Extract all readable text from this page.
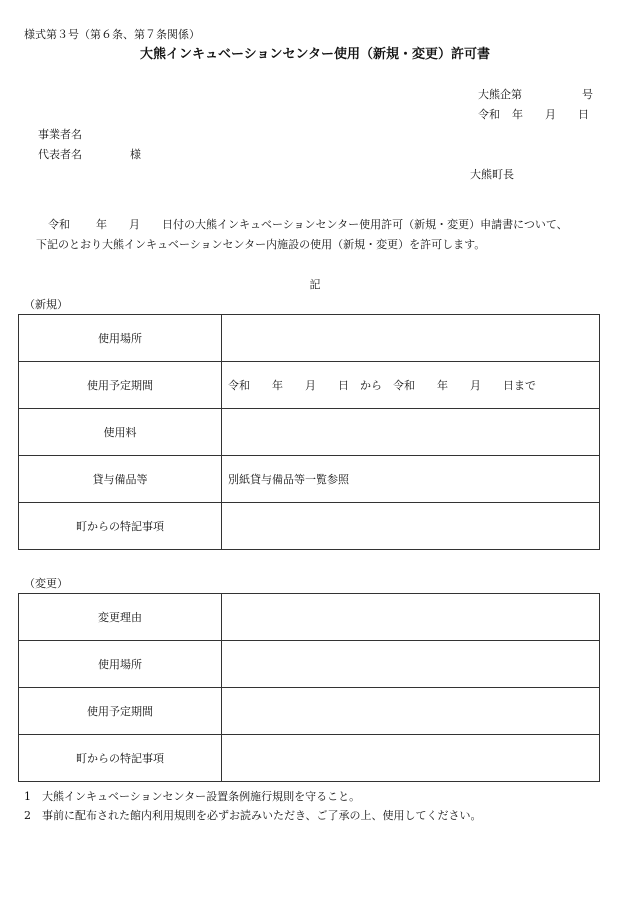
様式第３号（第６条、第７条関係）
大熊インキュベーションセンター使用（新規・変更）許可書
大熊企第	号
令和 年 月 日
事業者名
代表者名	様
大熊町長
令和 年 月 日付の大熊インキュベーションセンター使用許可（新規・変更）申請書について、
下記のとおり大熊インキュベーションセンター内施設の使用（新規・変更）を許可します。
記
（新規）
使用場所	
使用予定期間	令和　　年　　月　　日　から　令和　　年　　月　　日まで
使用料	
貸与備品等	別紙貸与備品等一覧参照
町からの特記事項	
（変更）
変更理由	
使用場所	
使用予定期間	
町からの特記事項	
1　大熊インキュベーションセンター設置条例施行規則を守ること。
2　事前に配布された館内利用規則を必ずお読みいただき、ご了承の上、使用してください。
